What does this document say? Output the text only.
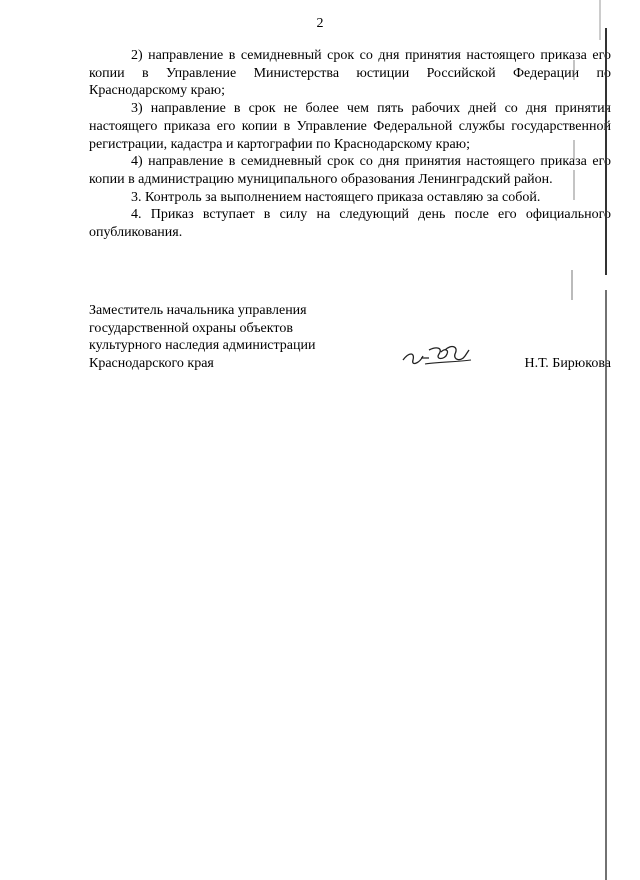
2

2) направление в семидневный срок со дня принятия настоящего приказа его копии в Управление Министерства юстиции Российской Федерации по Краснодарскому краю;

3) направление в срок не более чем пять рабочих дней со дня принятия настоящего приказа его копии в Управление Федеральной службы государственной регистрации, кадастра и картографии по Краснодарскому краю;

4) направление в семидневный срок со дня принятия настоящего приказа его копии в администрацию муниципального образования Ленинградский район.

3. Контроль за выполнением настоящего приказа оставляю за собой.

4. Приказ вступает в силу на следующий день после его официального опубликования.

Заместитель начальника управления
государственной охраны объектов
культурного наследия администрации
Краснодарского края	Н.Т. Бирюкова
